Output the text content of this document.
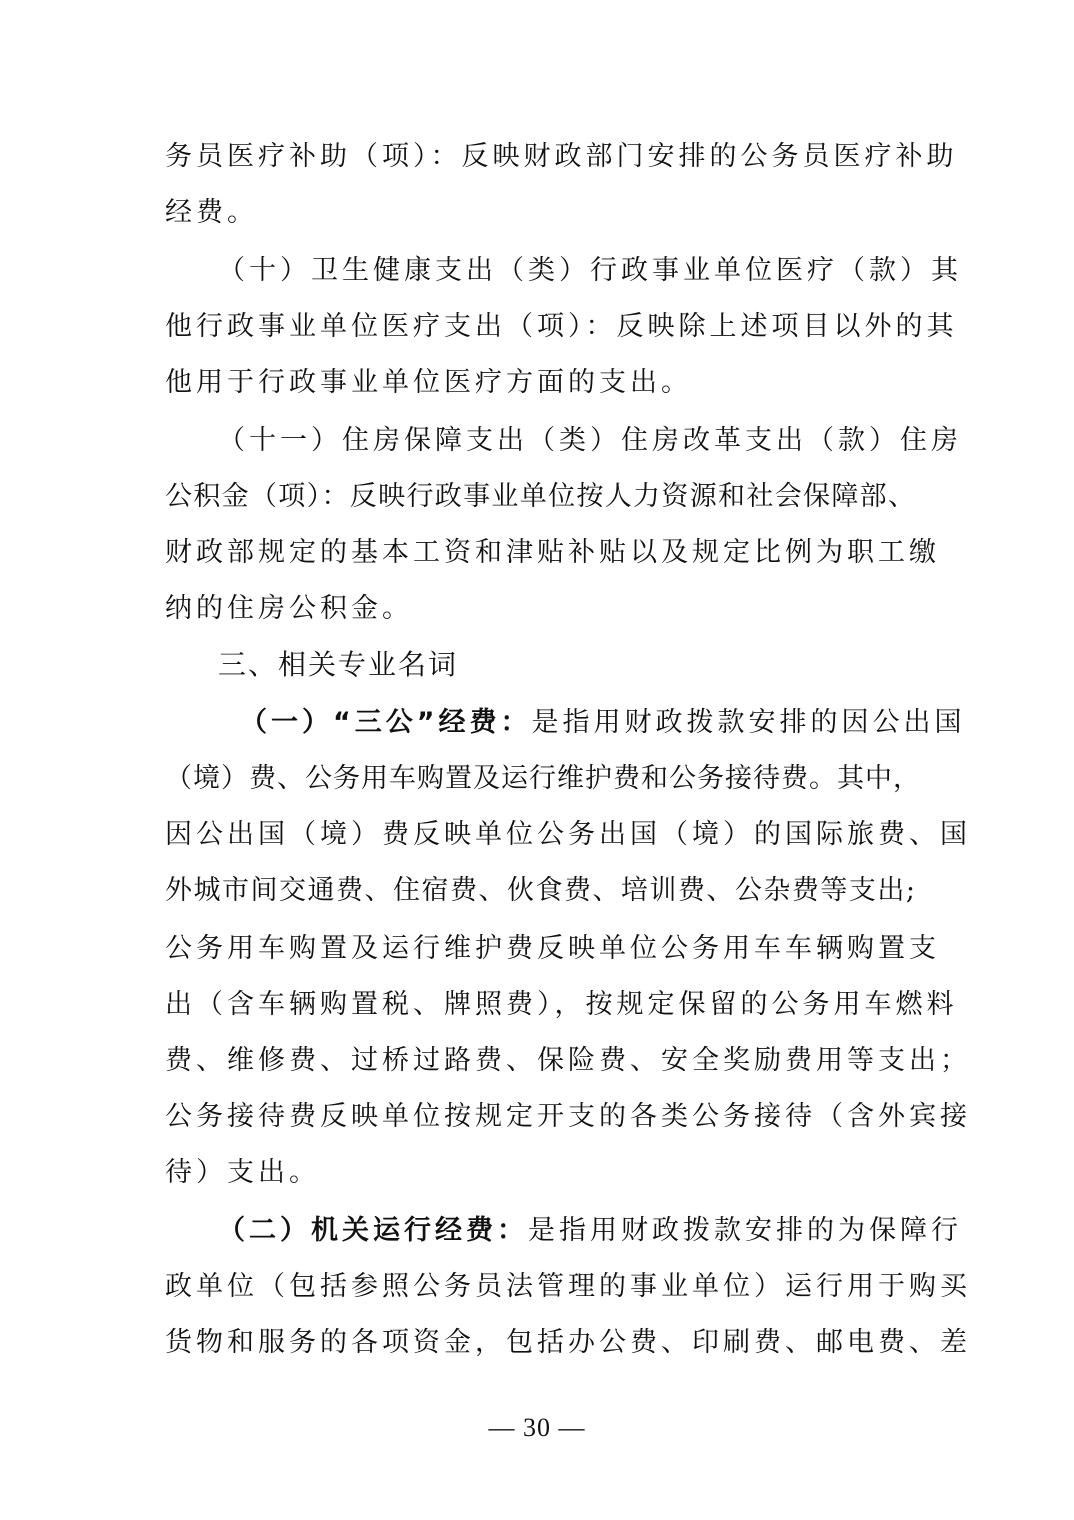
务员医疗补助（项）：反映财政部门安排的公务员医疗补助
经费。
（十）卫生健康支出（类）行政事业单位医疗（款）其
他行政事业单位医疗支出（项）：反映除上述项目以外的其
他用于行政事业单位医疗方面的支出。
（十一）住房保障支出（类）住房改革支出（款）住房
公积金（项）：反映行政事业单位按人力资源和社会保障部、
财政部规定的基本工资和津贴补贴以及规定比例为职工缴
纳的住房公积金。
三、相关专业名词
（一）“三公”经费：是指用财政拨款安排的因公出国
（境）费、公务用车购置及运行维护费和公务接待费。其中，
因公出国（境）费反映单位公务出国（境）的国际旅费、国
外城市间交通费、住宿费、伙食费、培训费、公杂费等支出;
公务用车购置及运行维护费反映单位公务用车车辆购置支
出（含车辆购置税、牌照费），按规定保留的公务用车燃料
费、维修费、过桥过路费、保险费、安全奖励费用等支出；
公务接待费反映单位按规定开支的各类公务接待（含外宾接
待）支出。
（二）机关运行经费：是指用财政拨款安排的为保障行
政单位（包括参照公务员法管理的事业单位）运行用于购买
货物和服务的各项资金，包括办公费、印刷费、邮电费、差
— 30 —
